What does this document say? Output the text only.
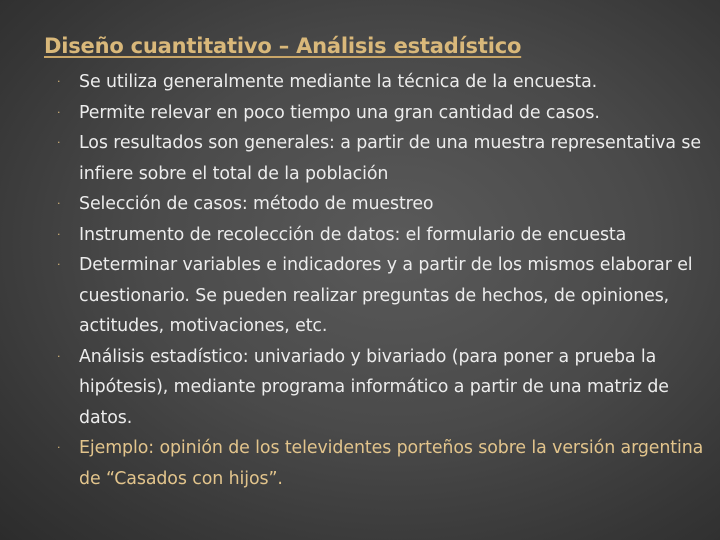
Diseño cuantitativo – Análisis estadístico
· Se utiliza generalmente mediante la técnica de la encuesta.
· Permite relevar en poco tiempo una gran cantidad de casos.
· Los resultados son generales: a partir de una muestra representativa se infiere sobre el total de la población
· Selección de casos: método de muestreo
· Instrumento de recolección de datos: el formulario de encuesta
· Determinar variables e indicadores y a partir de los mismos elaborar el cuestionario. Se pueden realizar preguntas de hechos, de opiniones, actitudes, motivaciones, etc.
· Análisis estadístico: univariado y bivariado (para poner a prueba la hipótesis), mediante programa informático a partir de una matriz de datos.
· Ejemplo: opinión de los televidentes porteños sobre la versión argentina de “Casados con hijos”.
